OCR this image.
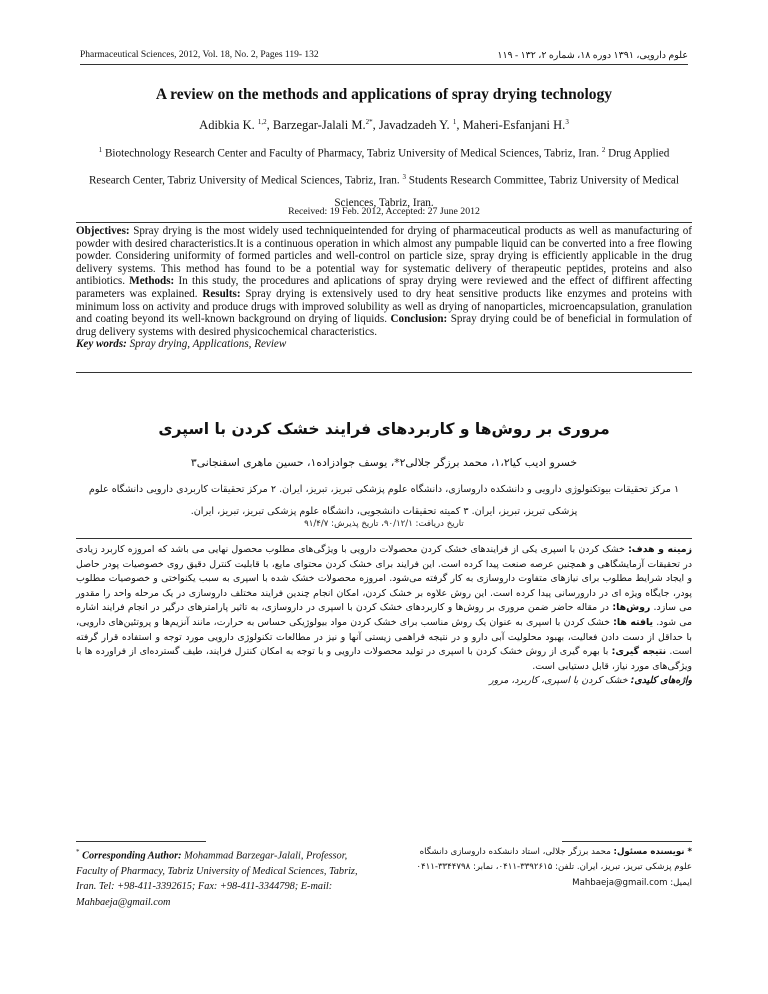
Pharmaceutical Sciences, 2012, Vol. 18, No. 2, Pages 119- 132	علوم دارویی، ۱۳۹۱ دوره ۱۸، شماره ۲، ۱۳۲ - ۱۱۹
A review on the methods and applications of spray drying technology
Adibkia K. $^{1,2}$, Barzegar-Jalali M.$^{2*}$, Javadzadeh Y. $^1$, Maheri-Esfanjani H.$^3$
$^1$ Biotechnology Research Center and Faculty of Pharmacy, Tabriz University of Medical Sciences, Tabriz, Iran. $^2$ Drug Applied Research Center, Tabriz University of Medical Sciences, Tabriz, Iran. $^3$ Students Research Committee, Tabriz University of Medical Sciences, Tabriz, Iran.
Received: 19 Feb. 2012, Accepted: 27 June 2012
Objectives: Spray drying is the most widely used techniqueintended for drying of pharmaceutical products as well as manufacturing of powder with desired characteristics.It is a continuous operation in which almost any pumpable liquid can be converted into a free flowing powder. Considering uniformity of formed particles and well-control on particle size, spray drying is efficiently applicable in the drug delivery systems. This method has found to be a potential way for systematic delivery of therapeutic peptides, proteins and also antibiotics. Methods: In this study, the procedures and aplications of spray drying were reviewed and the effect of diffirent affecting parameters was explained. Results: Spray drying is extensively used to dry heat sensitive products like enzymes and proteins with minimum loss on activity and produce drugs with improved solubility as well as drying of nanoparticles, microencapsulation, granulation and coating beyond its well-known background on drying of liquids. Conclusion: Spray drying could be of beneficial in formulation of drug delivery systems with desired physicochemical characteristics.
Key words: Spray drying, Applications, Review
مروری بر روش‌ها و کاربردهای فرایند خشک کردن با اسپری
خسرو ادیب کیا۱،۲، محمد برزگر جلالی۲*، یوسف جوادزاده۱، حسین ماهری اسفنجانی۳
۱ مرکز تحقیقات بیوتکنولوژی دارویی و دانشکده داروسازی، دانشگاه علوم پزشکی تبریز، تبریز، ایران. ۲ مرکز تحقیقات کاربردی دارویی دانشگاه علوم پزشکی تبریز، تبریز، ایران. ۳ کمیته تحقیقات دانشجویی، دانشگاه علوم پزشکی تبریز، تبریز، ایران.
تاریخ دریافت: ۹۰/۱۲/۱، تاریخ پذیرش: ۹۱/۴/۷
زمینه و هدف: خشک کردن با اسپری یکی از فرایندهای خشک کردن محصولات دارویی با ویژگی‌های مطلوب محصول نهایی می باشد که امروزه کاربرد زیادی در تحقیقات آزمایشگاهی و همچنین عرصه صنعت پیدا کرده است. این فرایند برای خشک کردن محتوای مایع، با قابلیت کنترل دقیق روی خصوصیات پودر حاصل و ایجاد شرایط مطلوب برای نیازهای متفاوت داروسازی به کار گرفته می‌شود. امروزه محصولات خشک شده با اسپری به سبب یکنواختی و خصوصیات مطلوب پودر، جایگاه ویژه ای در دارورسانی پیدا کرده است. این روش علاوه بر خشک کردن، امکان انجام چندین فرایند مختلف داروسازی در یک مرحله واحد را مقدور می سازد. روش‌ها: در مقاله حاضر ضمن مروری بر روش‌ها و کاربردهای خشک کردن با اسپری در داروسازی، به تاثیر پارامترهای درگیر در انجام فرایند اشاره می شود. یافته ها: خشک کردن با اسپری به عنوان یک روش مناسب برای خشک کردن مواد بیولوژیکی حساس به حرارت، مانند آنزیم‌ها و پروتئین‌های دارویی، با حداقل از دست دادن فعالیت، بهبود محلولیت آبی دارو و در نتیجه فراهمی زیستی آنها و نیز در مطالعات تکنولوژی دارویی مورد توجه و استفاده قرار گرفته است. نتیجه گیری: با بهره گیری از روش خشک کردن با اسپری در تولید محصولات دارویی و با توجه به امکان کنترل فرایند، طیف گسترده‌ای از فراورده ها با ویژگی‌های مورد نیاز، قابل دستیابی است.
واژه‌های کلیدی: خشک کردن با اسپری، کاربرد، مرور
* Corresponding Author: Mohammad Barzegar-Jalali, Professor, Faculty of Pharmacy, Tabriz University of Medical Sciences, Tabriz, Iran. Tel: +98-411-3392615; Fax: +98-411-3344798; E-mail: Mahbaeja@gmail.com
* نویسنده مسئول: محمد برزگر جلالی، استاد دانشکده داروسازی دانشگاه علوم پزشکی تبریز، تبریز، ایران. تلفن: ۳۳۹۲۶۱۵-۰۴۱۱، نمابر: ۳۳۴۴۷۹۸-۰۴۱۱ ایمیل: Mahbaeja@gmail.com
